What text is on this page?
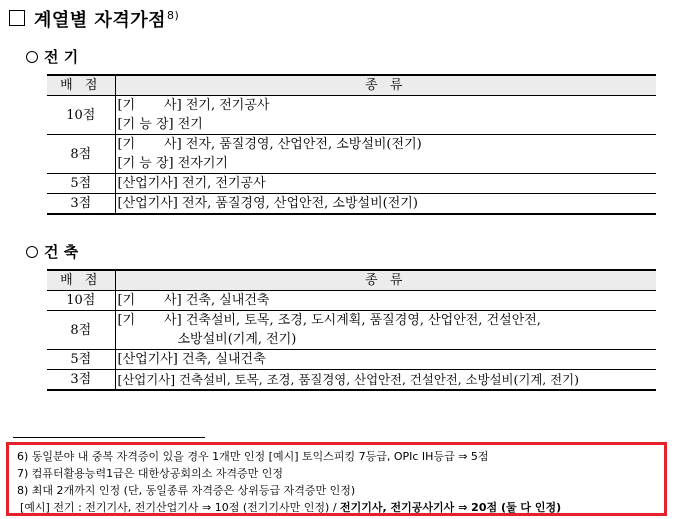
계열별 자격가점$^{8)}$
전 기
배 점	종 류
10점	[기       사] 전기, 전기공사
[기 능 장] 전기

8점	[기       사] 전자, 품질경영, 산업안전, 소방설비(전기)
[기 능 장] 전자기기

5점	[산업기사] 전기, 전기공사

3점	[산업기사] 전자, 품질경영, 산업안전, 소방설비(전기)
건 축
배 점	종 류
10점	[기       사] 건축, 실내건축

8점	[기       사] 건축설비, 토목, 조경, 도시계획, 품질경영, 산업안전, 건설안전,
소방설비(기계, 전기)

5점	[산업기사] 건축, 실내건축

3점	[산업기사] 건축설비, 토목, 조경, 품질경영, 산업안전, 건설안전, 소방설비(기계, 전기)
6) 동일분야 내 중복 자격증이 있을 경우 1개만 인정 [예시] 토익스피킹 7등급, OPIc IH등급 ⇒ 5점
7) 컴퓨터활용능력1급은 대한상공회의소 자격증만 인정
8) 최대 2개까지 인정 (단, 동일종류 자격증은 상위등급 자격증만 인정)
[예시] 전기 : 전기기사, 전기산업기사 ⇒ 10점 (전기기사만 인정) / 전기기사, 전기공사기사 ⇒ 20점 (둘 다 인정)
